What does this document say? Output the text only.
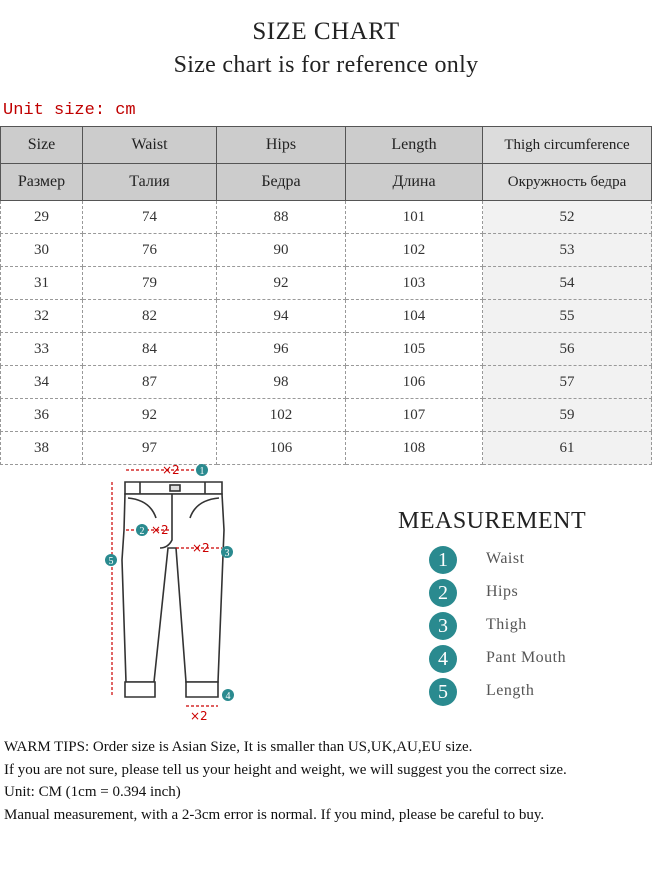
SIZE CHART
Size chart is for reference only
Unit size: cm
Size	Waist	Hips	Length	Thigh circumference
Размер	Талия	Бедра	Длина	Окружность бедра
29	74	88	101	52
30	76	90	102	53
31	79	92	103	54
32	82	94	104	55
33	84	96	105	56
34	87	98	106	57
36	92	102	107	59
38	97	106	108	61
×2
×2
×2
×2
1
2
3
4
5
MEASUREMENT
1	Waist
2	Hips
3	Thigh
4	Pant Mouth
5	Length

WARM TIPS: Order size is Asian Size, It is smaller than US,UK,AU,EU size.

If you are not sure, please tell us your height and weight, we will suggest you the correct size.

Unit: CM (1cm = 0.394 inch)

Manual measurement, with a 2-3cm error is normal. If you mind, please be careful to buy.
